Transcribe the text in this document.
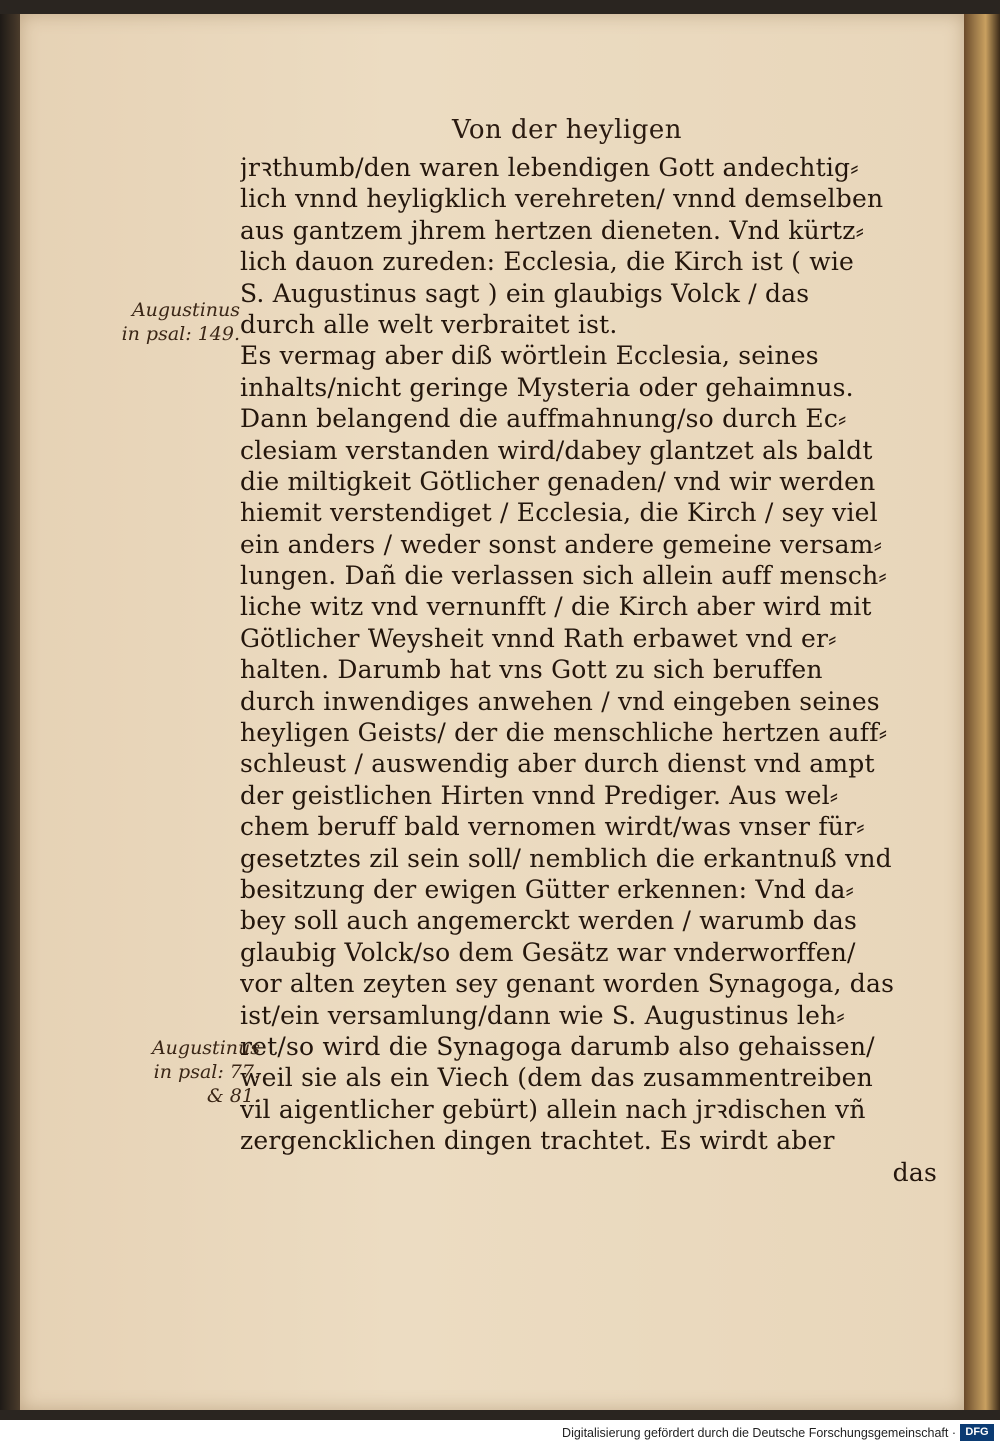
Von der heyligen
jrꝛthumb/den waren lebendigen Gott andechtig⸗
lich vnnd heyligklich verehreten/ vnnd demselben
aus gantzem jhrem hertzen dieneten. Vnd kürtz⸗
lich dauon zureden: Ecclesia, die Kirch ist ( wie
S. Augustinus sagt ) ein glaubigs Volck / das
durch alle welt verbraitet ist.
Es vermag aber diß wörtlein Ecclesia, seines
inhalts/nicht geringe Mysteria oder gehaimnus.
Dann belangend die auffmahnung/so durch Ec⸗
clesiam verstanden wird/dabey glantzet als baldt
die miltigkeit Götlicher genaden/ vnd wir werden
hiemit verstendiget / Ecclesia, die Kirch / sey viel
ein anders / weder sonst andere gemeine versam⸗
lungen. Dañ die verlassen sich allein auff mensch⸗
liche witz vnd vernunfft / die Kirch aber wird mit
Götlicher Weysheit vnnd Rath erbawet vnd er⸗
halten. Darumb hat vns Gott zu sich beruffen
durch inwendiges anwehen / vnd eingeben seines
heyligen Geists/ der die menschliche hertzen auff⸗
schleust / auswendig aber durch dienst vnd ampt
der geistlichen Hirten vnnd Prediger. Aus wel⸗
chem beruff bald vernomen wirdt/was vnser für⸗
gesetztes zil sein soll/ nemblich die erkantnuß vnd
besitzung der ewigen Gütter erkennen: Vnd da⸗
bey soll auch angemerckt werden / warumb das
glaubig Volck/so dem Gesätz war vnderworffen/
vor alten zeyten sey genant worden Synagoga, das
ist/ein versamlung/dann wie S. Augustinus leh⸗
ret/so wird die Synagoga darumb also gehaissen/
weil sie als ein Viech (dem das zusammentreiben
vil aigentlicher gebürt) allein nach jrꝛdischen vñ
zergencklichen dingen trachtet. Es wirdt aber
das
Augustinus
in psal: 149.
Augustinus
in psal: 77.
& 81.
Digitalisierung gefördert durch die Deutsche Forschungsgemeinschaft · DFG
